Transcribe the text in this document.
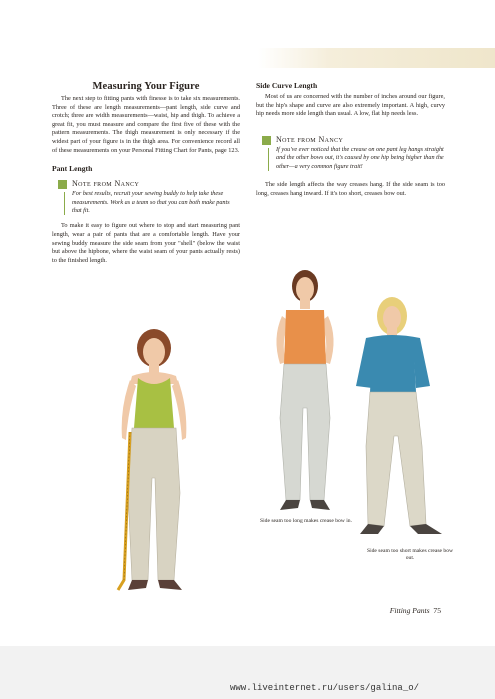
Measuring Your Figure

The next step to fitting pants with finesse is to take six measurements. Three of these are length measurements—pant length, side curve and crotch; three are width measurements—waist, hip and thigh. To achieve a great fit, you must measure and compare the first five of these with the pattern measurements. The thigh measurement is only necessary if the widest part of your figure is in the thigh area. For convenience record all of these measurements on your Personal Fitting Chart for Pants, page 123.

Pant Length
Note from Nancy

For best results, recruit your sewing buddy to help take these measurements. Work as a team so that you can both make pants that fit.

To make it easy to figure out where to stop and start measuring pant length, wear a pair of pants that are a comfortable length. Have your sewing buddy measure the side seam from your "shell" (below the waist but above the hipbone, where the waist seam of your pants actually rests) to the finished length.

Side Curve Length

Most of us are concerned with the number of inches around our figure, but the hip's shape and curve are also extremely important. A high, curvy hip needs more side length than usual. A low, flat hip needs less.

Note from Nancy

If you've ever noticed that the crease on one pant leg hangs straight and the other bows out, it's caused by one hip being higher than the other—a very common figure trait!

The side length affects the way creases hang. If the side seam is too long, creases hang inward. If it's too short, creases bow out.

Side seam too long makes crease bow in.
Side seam too short makes crease bow out.
Fitting Pants 75
www.liveinternet.ru/users/galina_o/
